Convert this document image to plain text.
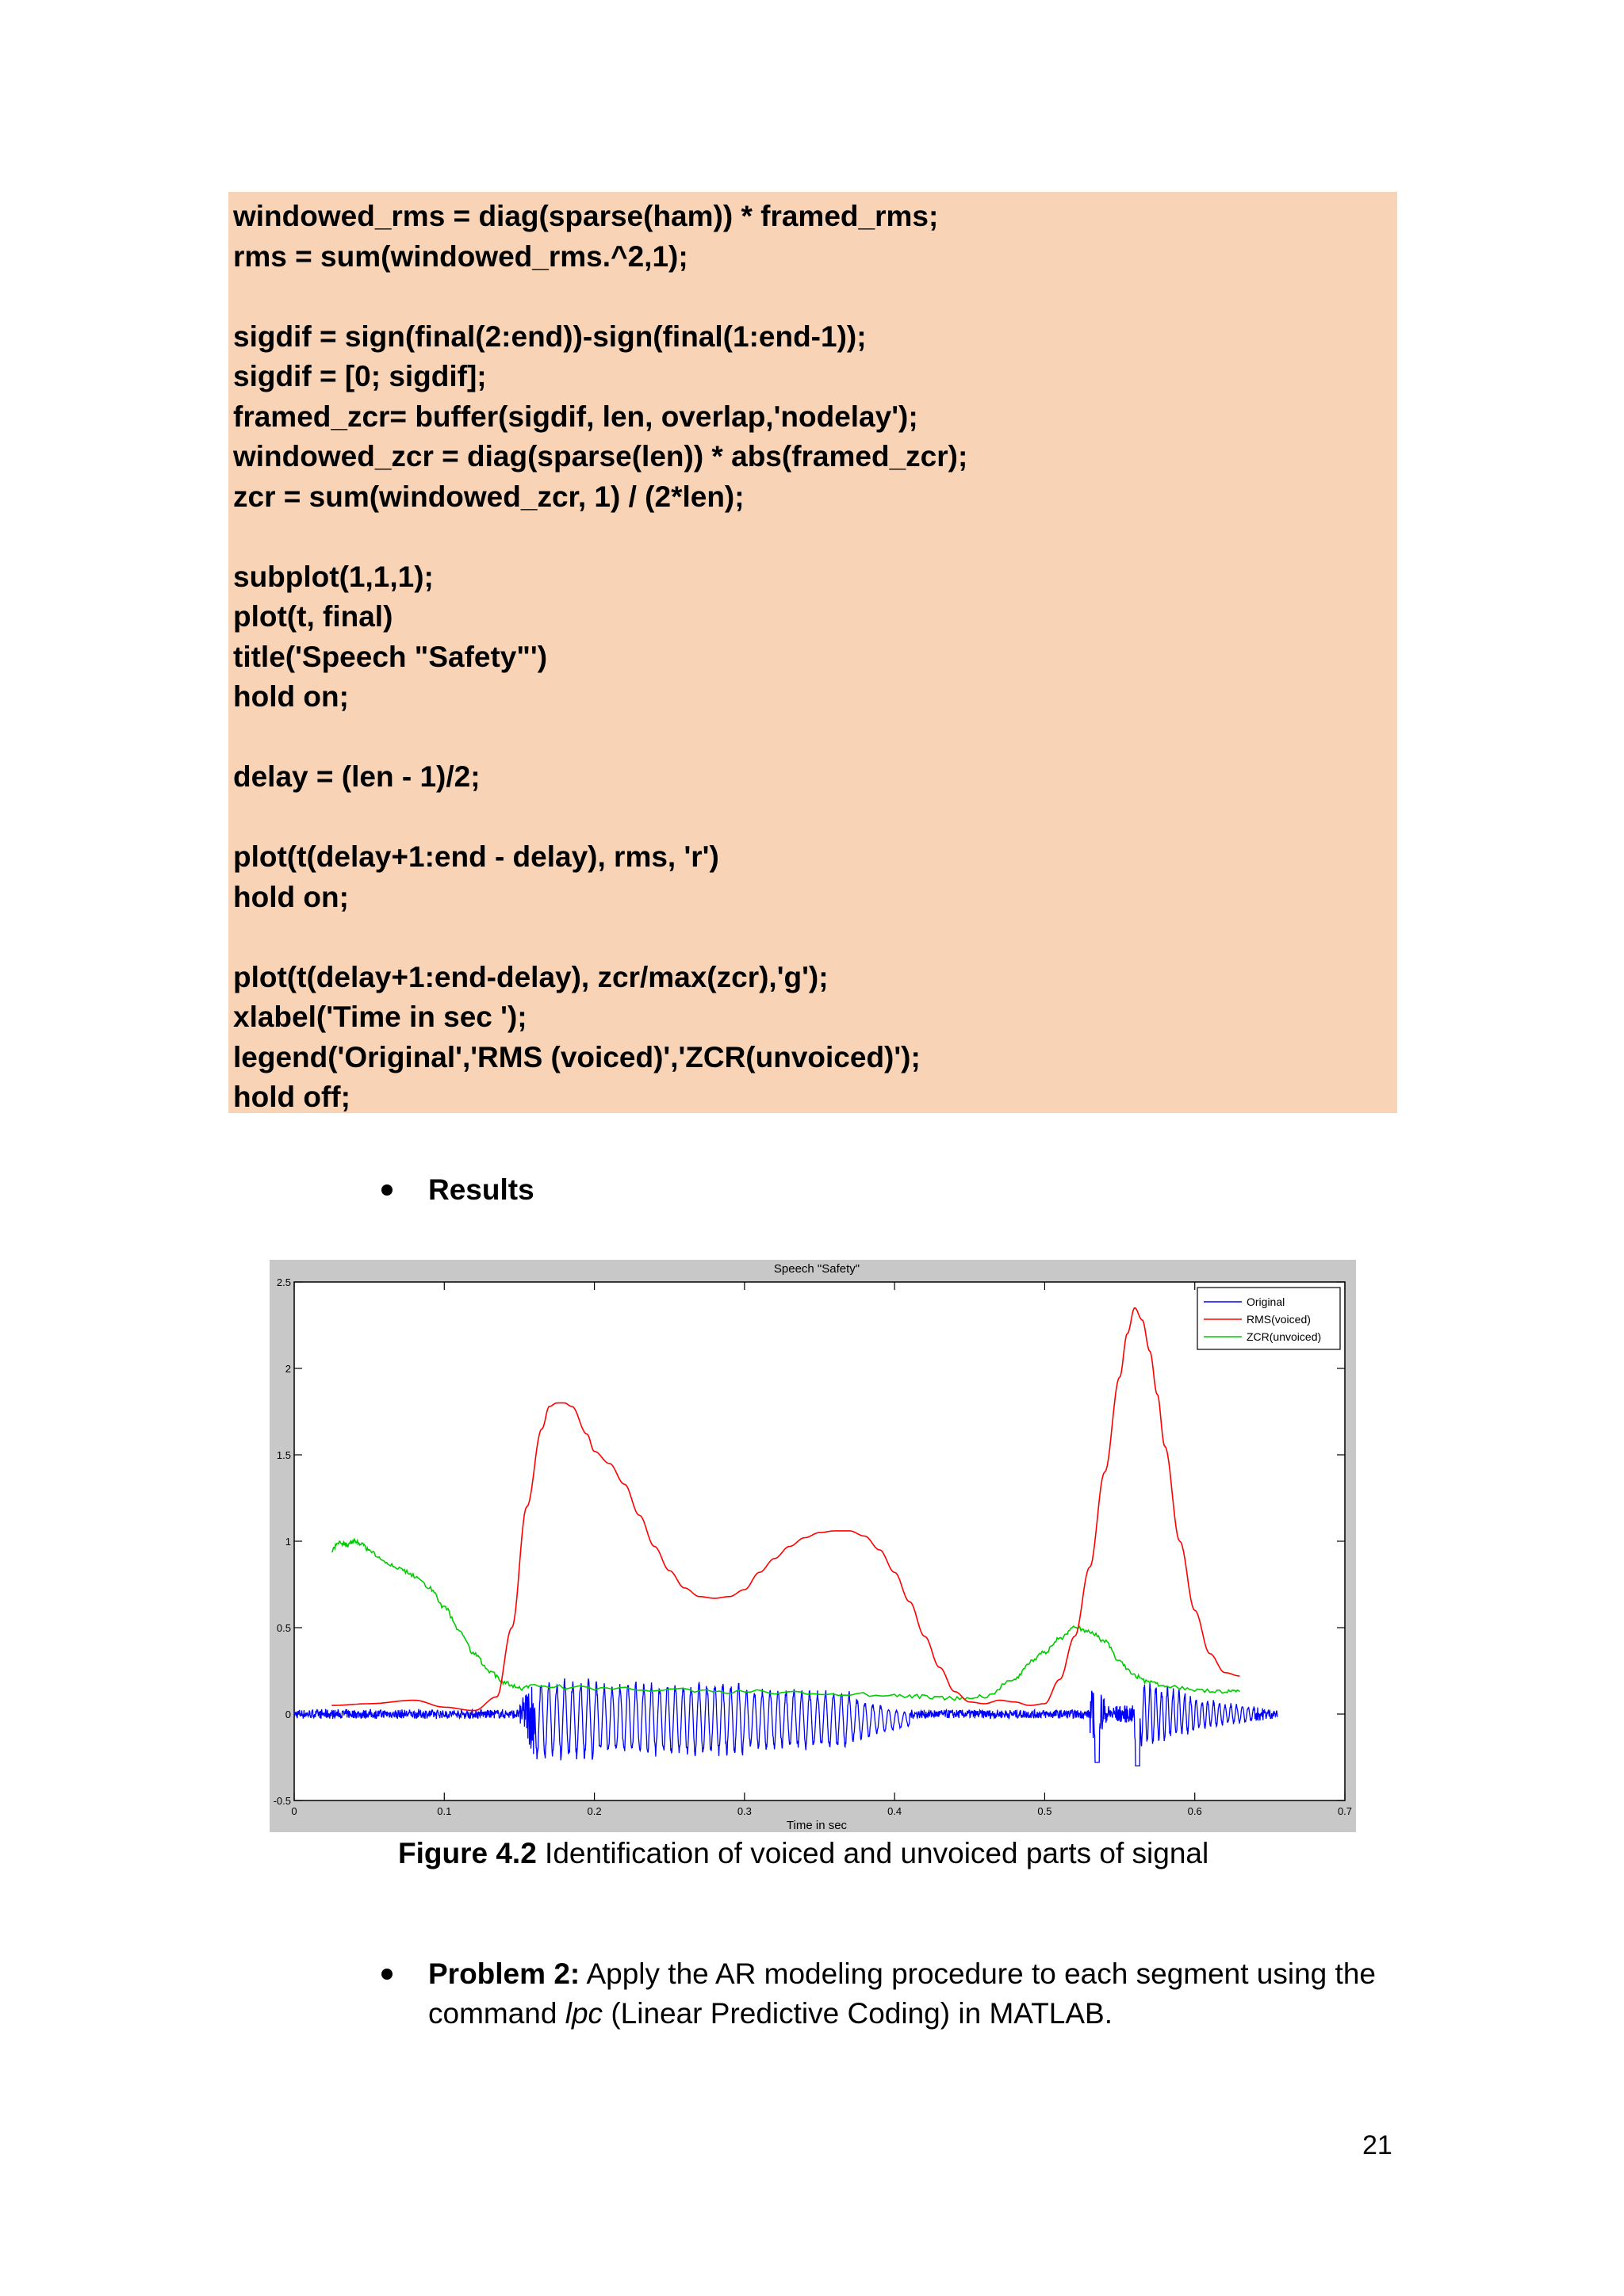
windowed_rms = diag(sparse(ham)) * framed_rms;
rms = sum(windowed_rms.^2,1);
sigdif = sign(final(2:end))-sign(final(1:end-1));
sigdif = [0; sigdif];
framed_zcr= buffer(sigdif, len, overlap,'nodelay');
windowed_zcr = diag(sparse(len)) * abs(framed_zcr);
zcr = sum(windowed_zcr, 1) / (2*len);
subplot(1,1,1);
plot(t, final)
title('Speech "Safety"')
hold on;
delay = (len - 1)/2;
plot(t(delay+1:end - delay), rms, 'r')
hold on;
plot(t(delay+1:end-delay), zcr/max(zcr),'g');
xlabel('Time in sec ');
legend('Original','RMS (voiced)','ZCR(unvoiced)');
hold off;
Results
0	0.1	0.2	0.3	0.4	0.5	0.6	0.7
-0.5
0
0.5
1
1.5
2
2.5
Speech "Safety"
Time in sec
Original
RMS(voiced)
ZCR(unvoiced)
Figure 4.2 Identification of voiced and unvoiced parts of signal
Problem 2: Apply the AR modeling procedure to each segment using the command lpc (Linear Predictive Coding) in MATLAB.
21
